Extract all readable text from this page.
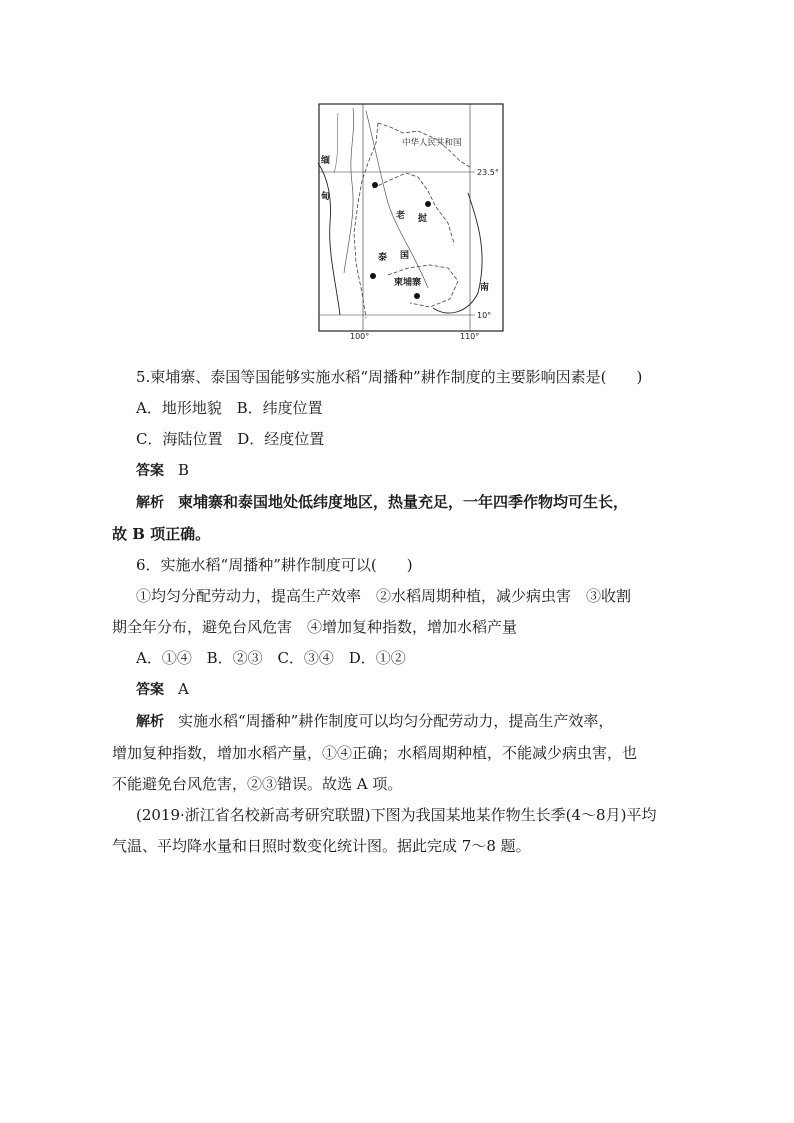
中华人民共和国
23.5°
10°
100°	110°
缅
甸
老 挝
泰 国
柬埔寨	南
5.柬埔寨、泰国等国能够实施水稻“周播种”耕作制度的主要影响因素是(　　)
A．地形地貌 B．纬度位置
C．海陆位置 D．经度位置
答案 B
解析 柬埔寨和泰国地处低纬度地区，热量充足，一年四季作物均可生长，
故 B 项正确。
6．实施水稻“周播种”耕作制度可以(　　)
①均匀分配劳动力，提高生产效率　②水稻周期种植，减少病虫害　③收割
期全年分布，避免台风危害　④增加复种指数，增加水稻产量
A．①④ B．②③ C．③④ D．①②
答案 A
解析 实施水稻“周播种”耕作制度可以均匀分配劳动力，提高生产效率，
增加复种指数，增加水稻产量，①④正确；水稻周期种植，不能减少病虫害，也
不能避免台风危害，②③错误。故选 A 项。
(2019·浙江省名校新高考研究联盟)下图为我国某地某作物生长季(4～8月)平均
气温、平均降水量和日照时数变化统计图。据此完成 7～8 题。
